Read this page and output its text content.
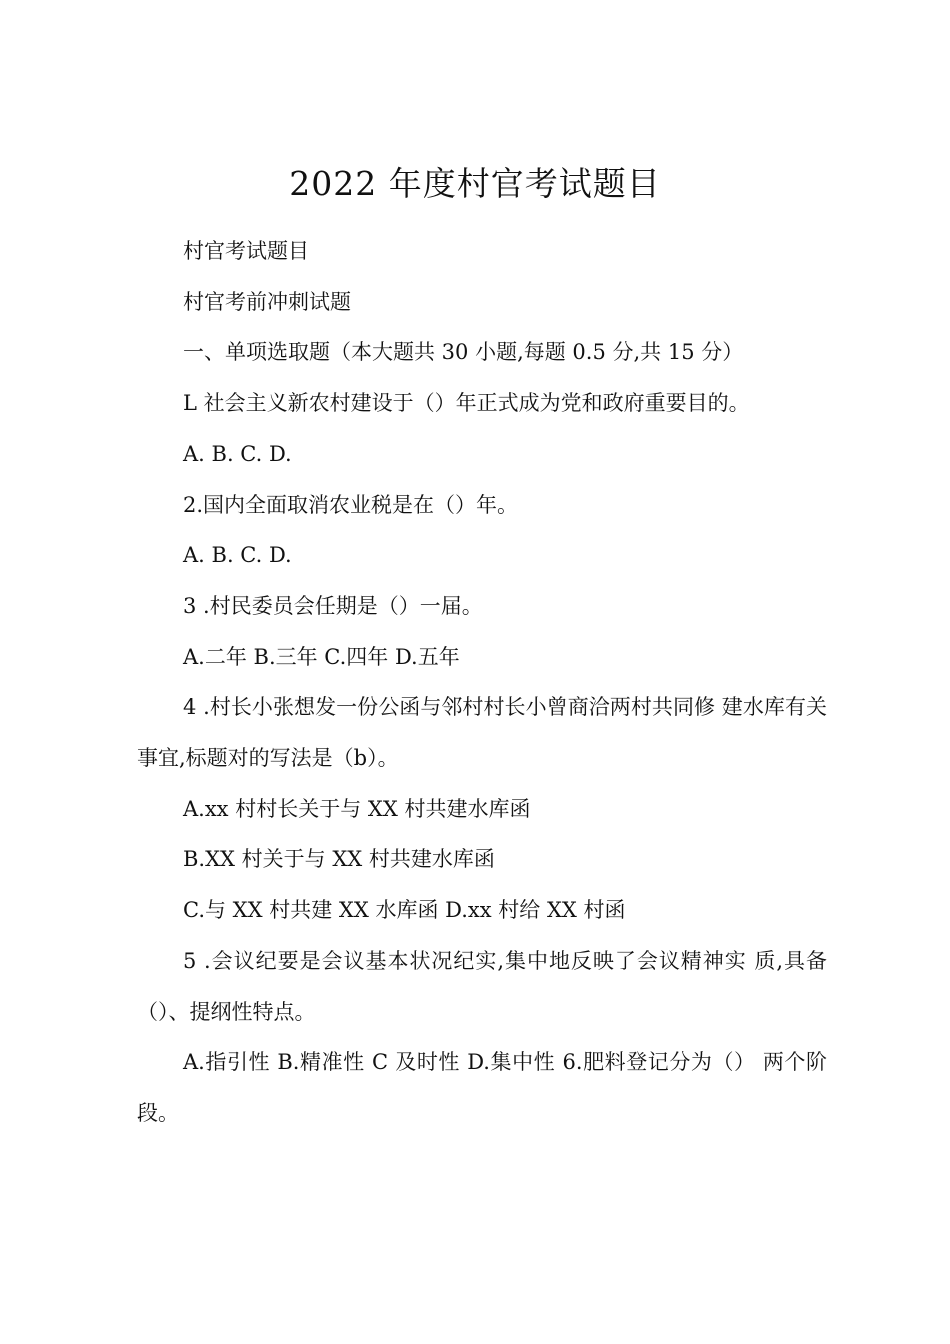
2022 年度村官考试题目

村官考试题目

村官考前冲刺试题

一、单项选取题（本大题共 30 小题,每题 0.5 分,共 15 分）

L 社会主义新农村建设于（）年正式成为党和政府重要目的。

A. B. C. D.

2.国内全面取消农业税是在（）年。

A. B. C. D.

3 .村民委员会任期是（）一届。

A.二年 B.三年 C.四年 D.五年

4 .村长小张想发一份公函与邻村村长小曾商洽两村共同修 建水库有关事宜,标题对的写法是（b）。

A.xx 村村长关于与 XX 村共建水库函

B.XX 村关于与 XX 村共建水库函

C.与 XX 村共建 XX 水库函 D.xx 村给 XX 村函

5 .会议纪要是会议基本状况纪实,集中地反映了会议精神实 质,具备（）、提纲性特点。

A.指引性 B.精准性 C 及时性 D.集中性 6.肥料登记分为（） 两个阶段。
